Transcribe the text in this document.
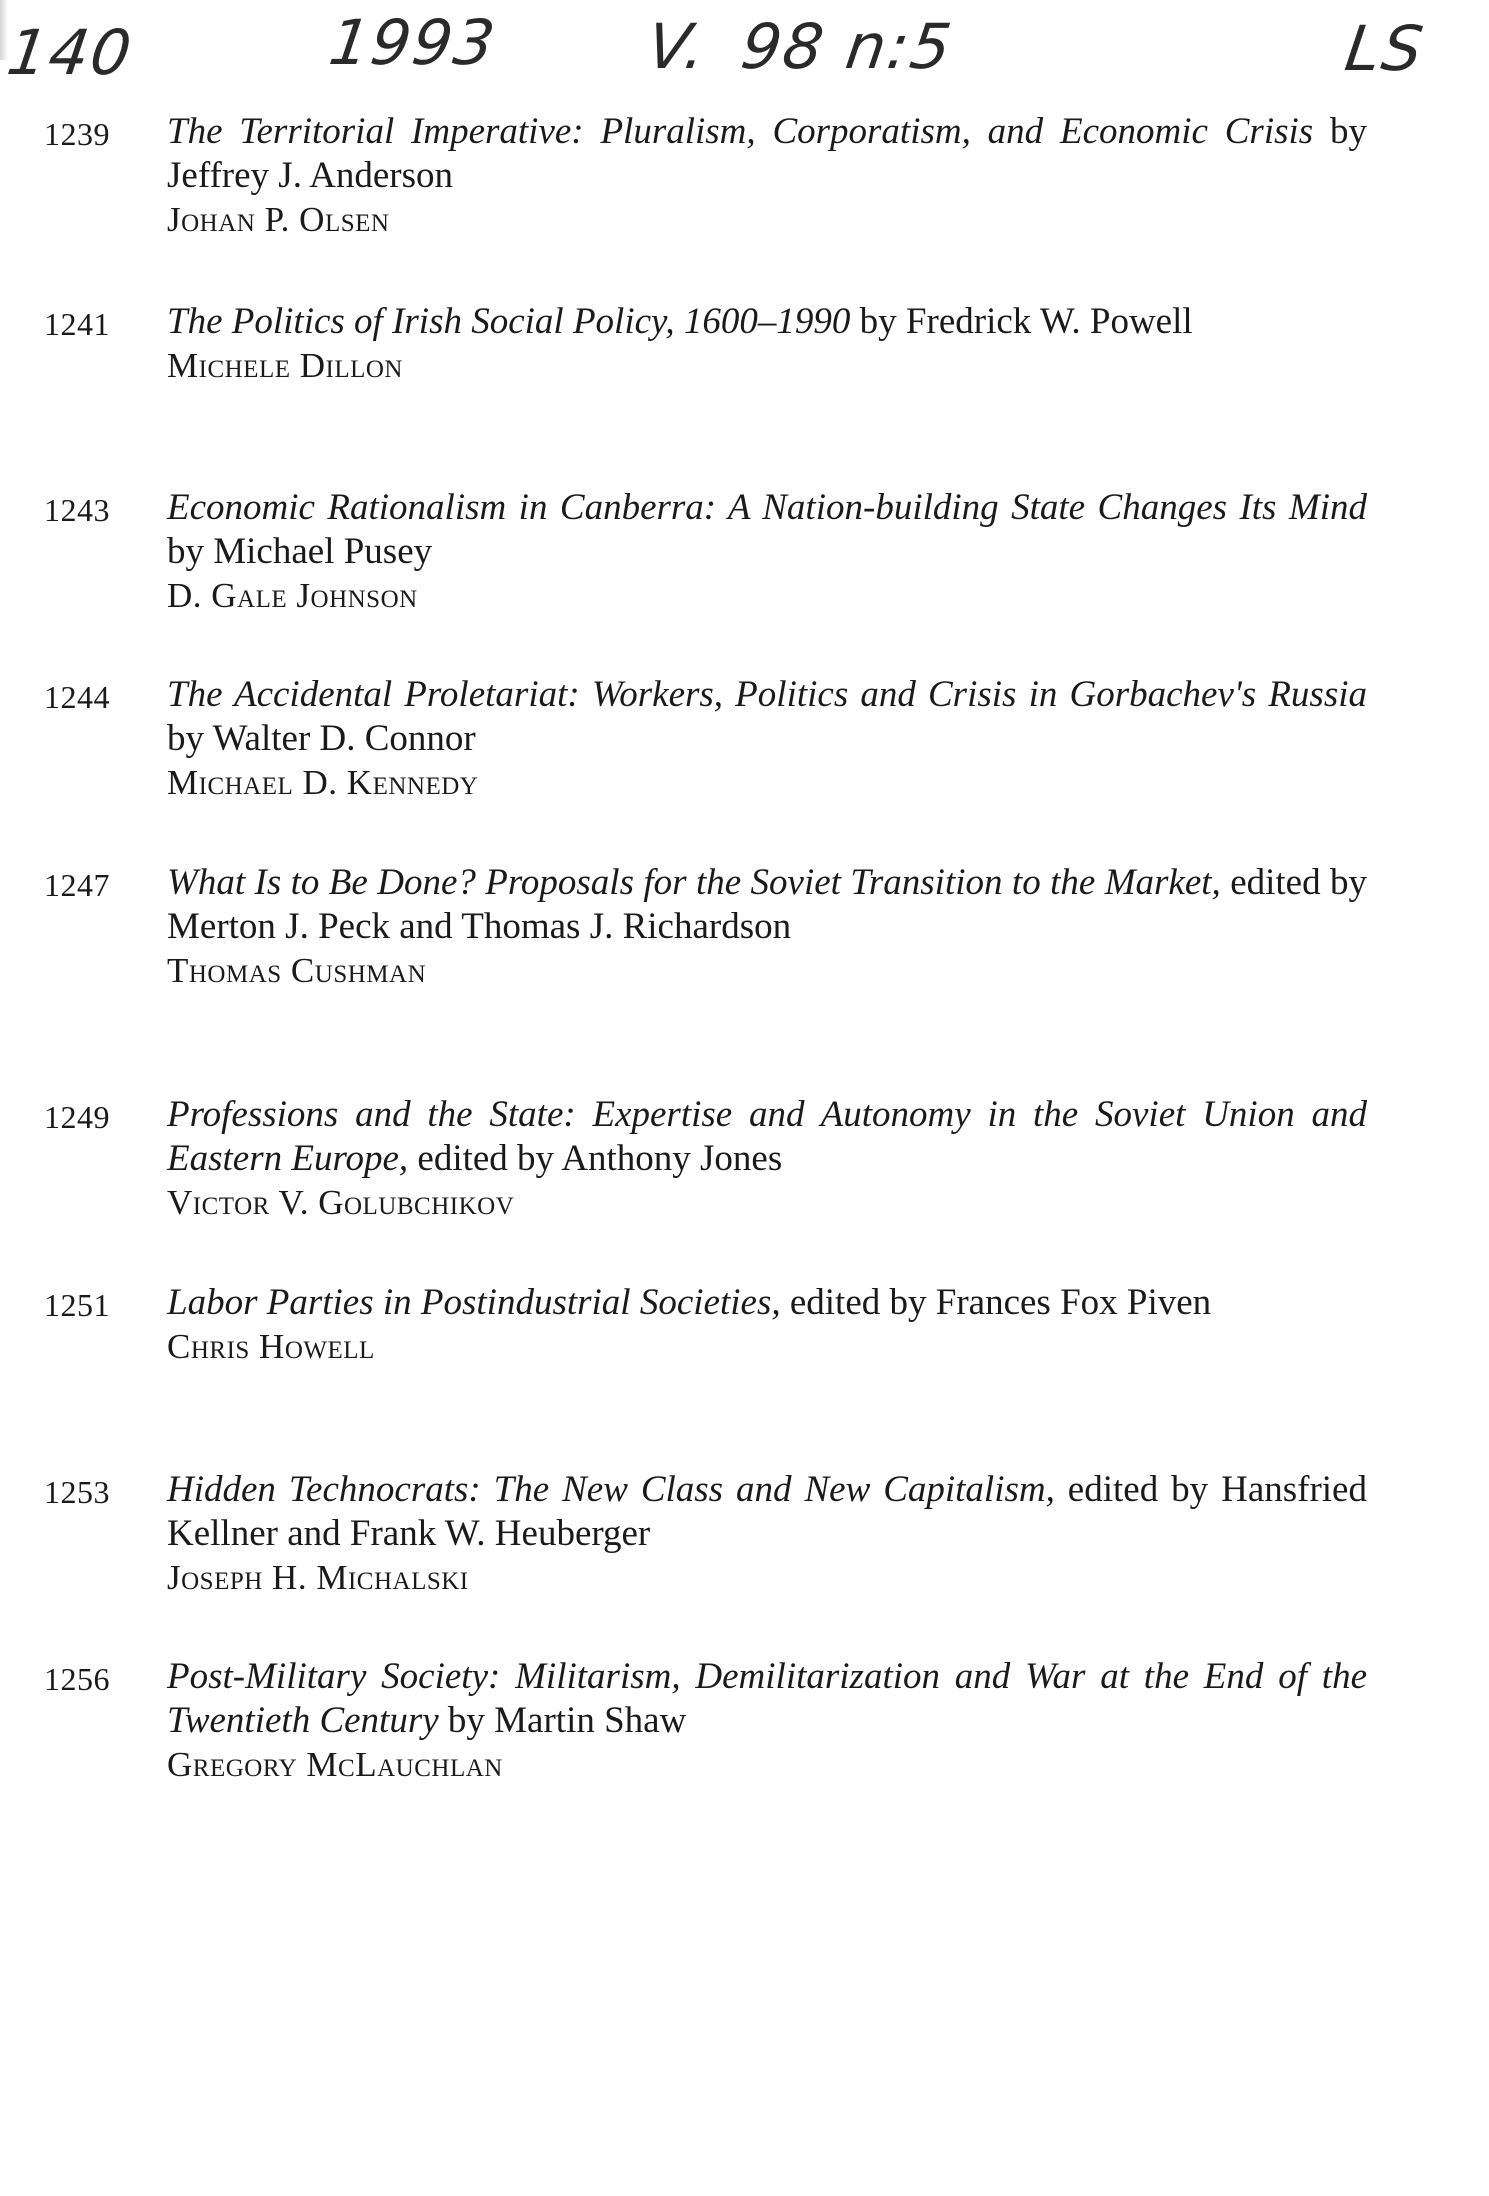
140	1993 V. 98 n:5	LS
1239	The Territorial Imperative: Pluralism, Corporatism, and Economic Crisis by Jeffrey J. Anderson
Johan P. Olsen
1241	The Politics of Irish Social Policy, 1600–1990 by Fredrick W. Powell
Michele Dillon
1243	Economic Rationalism in Canberra: A Nation-building State Changes Its Mind by Michael Pusey
D. Gale Johnson
1244	The Accidental Proletariat: Workers, Politics and Crisis in Gorbachev's Russia by Walter D. Connor
Michael D. Kennedy
1247	What Is to Be Done? Proposals for the Soviet Transition to the Market, edited by Merton J. Peck and Thomas J. Richardson
Thomas Cushman
1249	Professions and the State: Expertise and Autonomy in the Soviet Union and Eastern Europe, edited by Anthony Jones
Victor V. Golubchikov
1251	Labor Parties in Postindustrial Societies, edited by Frances Fox Piven
Chris Howell
1253	Hidden Technocrats: The New Class and New Capitalism, edited by Hansfried Kellner and Frank W. Heuberger
Joseph H. Michalski
1256	Post-Military Society: Militarism, Demilitarization and War at the End of the Twentieth Century by Martin Shaw
Gregory McLauchlan
